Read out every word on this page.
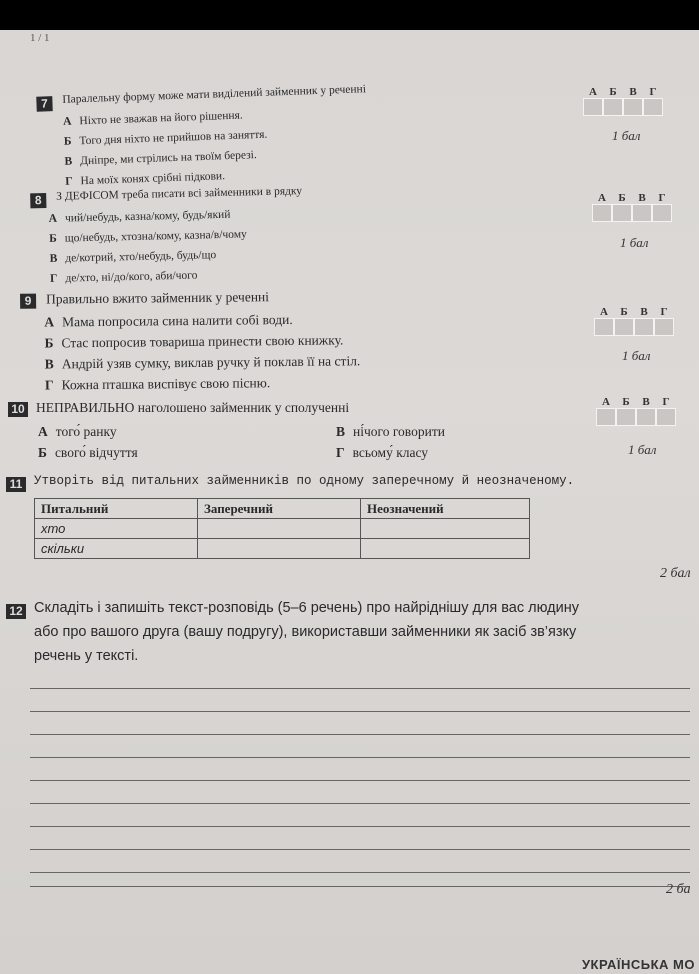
1 / 1
7	Паралельну форму може мати виділений займенник у реченні
А Ніхто не зважав на його рішення.
Б Того дня ніхто не прийшов на заняття.
В Дніпре, ми стрілись на твоїм березі.
Г На моїх конях срібні підкови.
А	Б	В	Г
1 бал
8	З ДЕФІСОМ треба писати всі займенники в рядку
А чий/небудь, казна/кому, будь/який
Б що/небудь, хтозна/кому, казна/в/чому
В де/котрий, хто/небудь, будь/що
Г де/хто, ні/до/кого, аби/чого
А	Б	В	Г
1 бал
9	Правильно вжито займенник у реченні
А Мама попросила сина налити собі води.
Б Стас попросив товариша принести свою книжку.
В Андрій узяв сумку, виклав ручку й поклав її на стіл.
Г Кожна пташка виспівує свою пісню.
А	Б	В	Г
1 бал
10 НЕПРАВИЛЬНО наголошено займенник у сполученні
А того́ ранку
Б свого́ відчуття
В ні́чого говорити
Г всьому́ класу
А	Б	В	Г
1 бал
11 Утворіть від питальних займенників по одному заперечному й неозначеному.
Питальний	Заперечний	Неозначений
хто		
скільки		
2 бал
12 Складіть і запишіть текст-розповідь (5–6 речень) про найріднішу для вас людину
або про вашого друга (вашу подругу), використавши займенники як засіб зв’язку
речень у тексті.
2 ба
УКРАЇНСЬКА МО
